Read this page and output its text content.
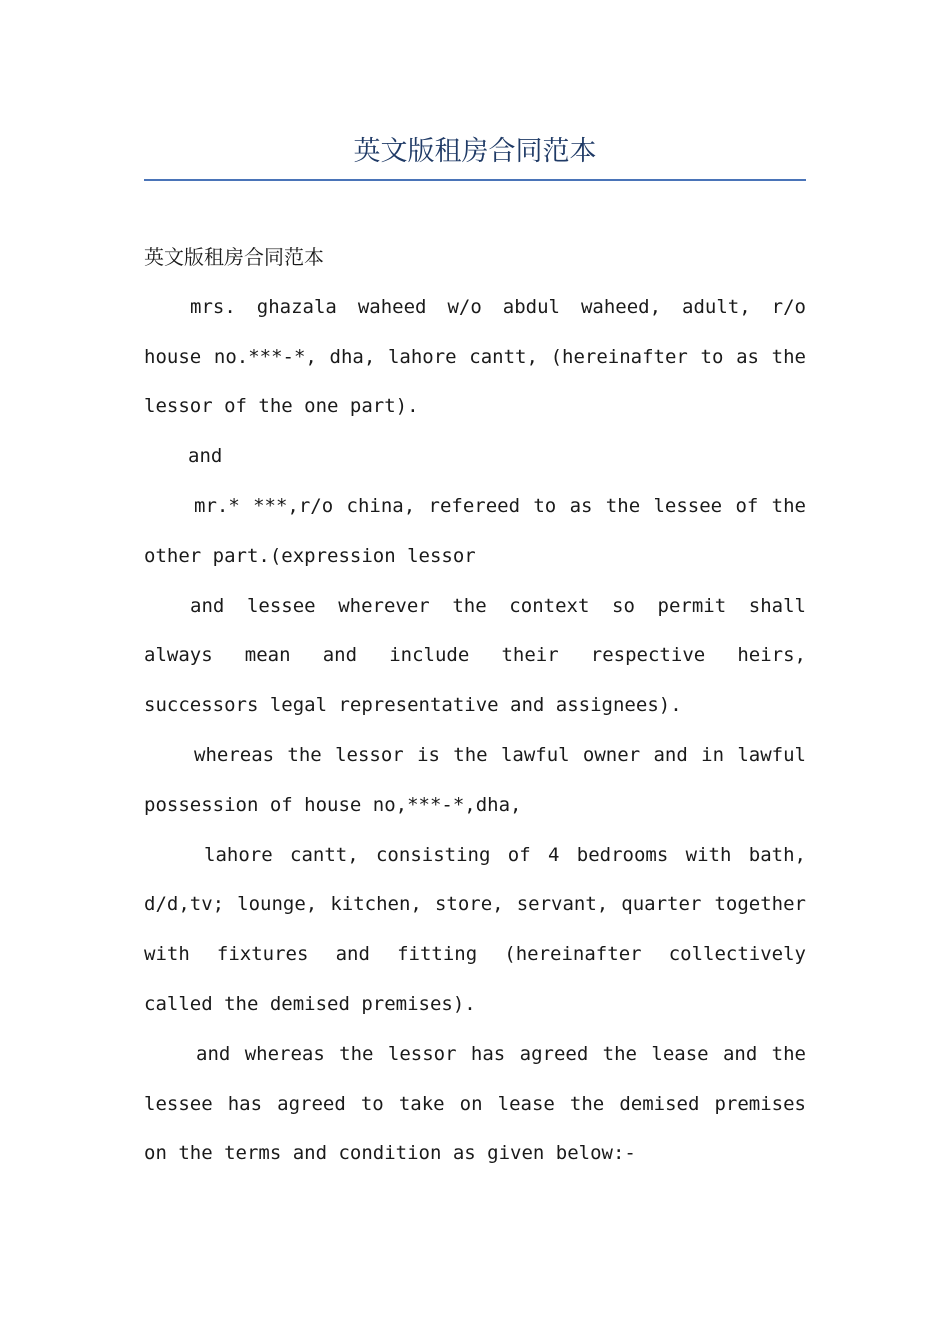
英文版租房合同范本

英文版租房合同范本

mrs. ghazala waheed w/o abdul waheed, adult, r/o house no.***-*, dha, lahore cantt, (hereinafter to as the lessor of the one part).

and

mr.* ***,r/o china, refereed to as the lessee of the other part.(expression lessor

and lessee wherever the context so permit shall always mean and include their respective heirs, successors legal representative and assignees).

whereas the lessor is the lawful owner and in lawful possession of house no,***-*,dha,

lahore cantt, consisting of 4 bedrooms with bath, d/d,tv; lounge, kitchen, store, servant, quarter together with fixtures and fitting (hereinafter collectively called the demised premises).

and whereas the lessor has agreed the lease and the lessee has agreed to take on lease the demised premises on the terms and condition as given below:-
